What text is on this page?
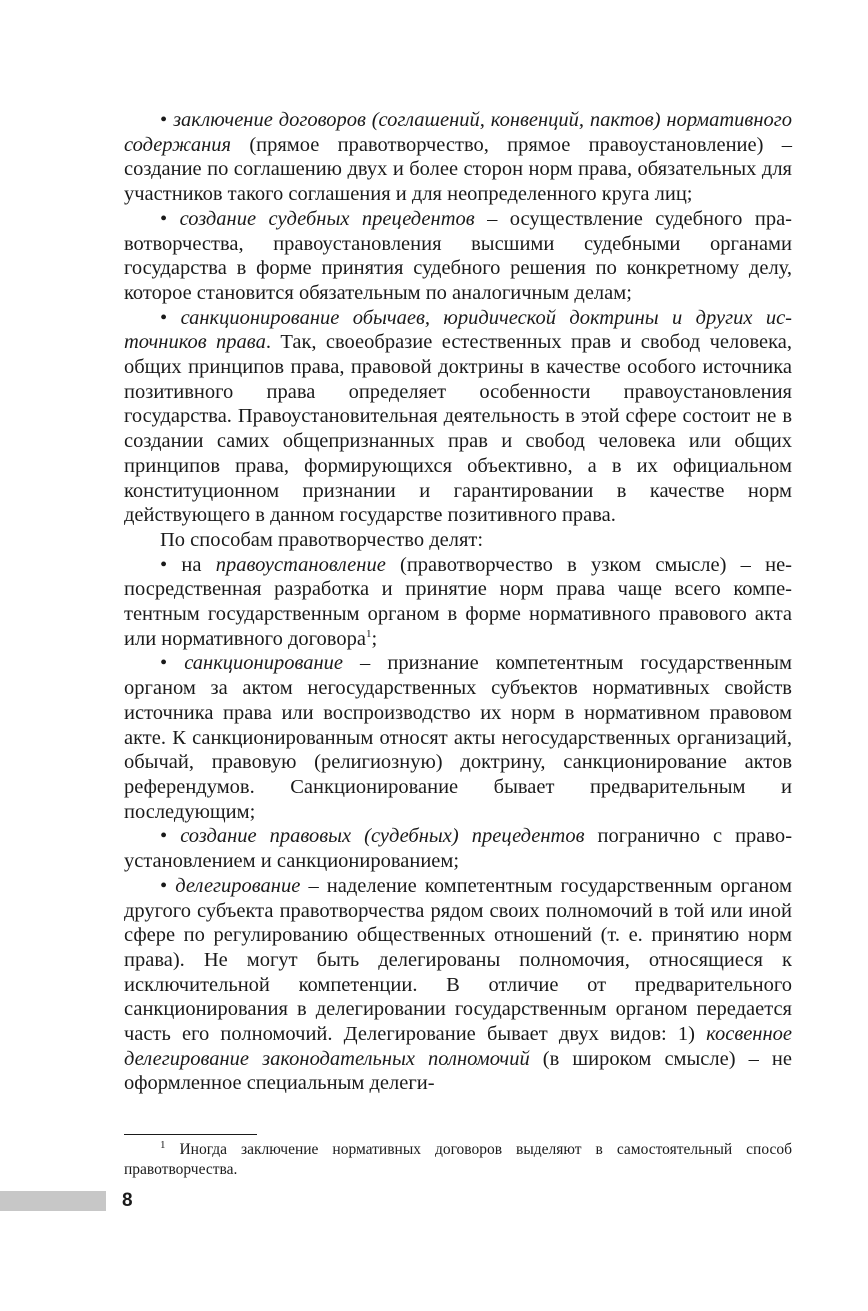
• заключение договоров (соглашений, конвенций, пактов) нормативного содержания (прямое правотворчество, прямое правоустановление) – создание по соглашению двух и более сторон норм права, обязательных для участников такого соглашения и для неопределенного круга лиц;

• создание судебных прецедентов – осуществление судебного правотворчества, правоустановления высшими судебными органами государства в форме принятия судебного решения по конкретному делу, которое становится обязательным по аналогичным делам;

• санкционирование обычаев, юридической доктрины и других источников права. Так, своеобразие естественных прав и свобод человека, общих принципов права, правовой доктрины в качестве особого источника позитивного права определяет особенности правоустановления государства. Правоустановительная деятельность в этой сфере состоит не в создании самих общепризнанных прав и свобод человека или общих принципов права, формирующихся объективно, а в их официальном конституционном признании и гарантировании в качестве норм действующего в данном государстве позитивного права.

По способам правотворчество делят:

• на правоустановление (правотворчество в узком смысле) – непосредственная разработка и принятие норм права чаще всего компетентным государственным органом в форме нормативного правового акта или нормативного договора$^1$;

• санкционирование – признание компетентным государственным органом за актом негосударственных субъектов нормативных свойств источника права или воспроизводство их норм в нормативном правовом акте. К санкционированным относят акты негосударственных организаций, обычай, правовую (религиозную) доктрину, санкционирование актов референдумов. Санкционирование бывает предварительным и последующим;

• создание правовых (судебных) прецедентов погранично с правоустановлением и санкционированием;

• делегирование – наделение компетентным государственным органом другого субъекта правотворчества рядом своих полномочий в той или иной сфере по регулированию общественных отношений (т. е. принятию норм права). Не могут быть делегированы полномочия, относящиеся к исключительной компетенции. В отличие от предварительного санкционирования в делегировании государственным органом передается часть его полномочий. Делегирование бывает двух видов: 1) косвенное делегирование законодательных полномочий (в широком смысле) – не оформленное специальным делеги-

$^1$ Иногда заключение нормативных договоров выделяют в самостоятельный способ правотворчества.

8
